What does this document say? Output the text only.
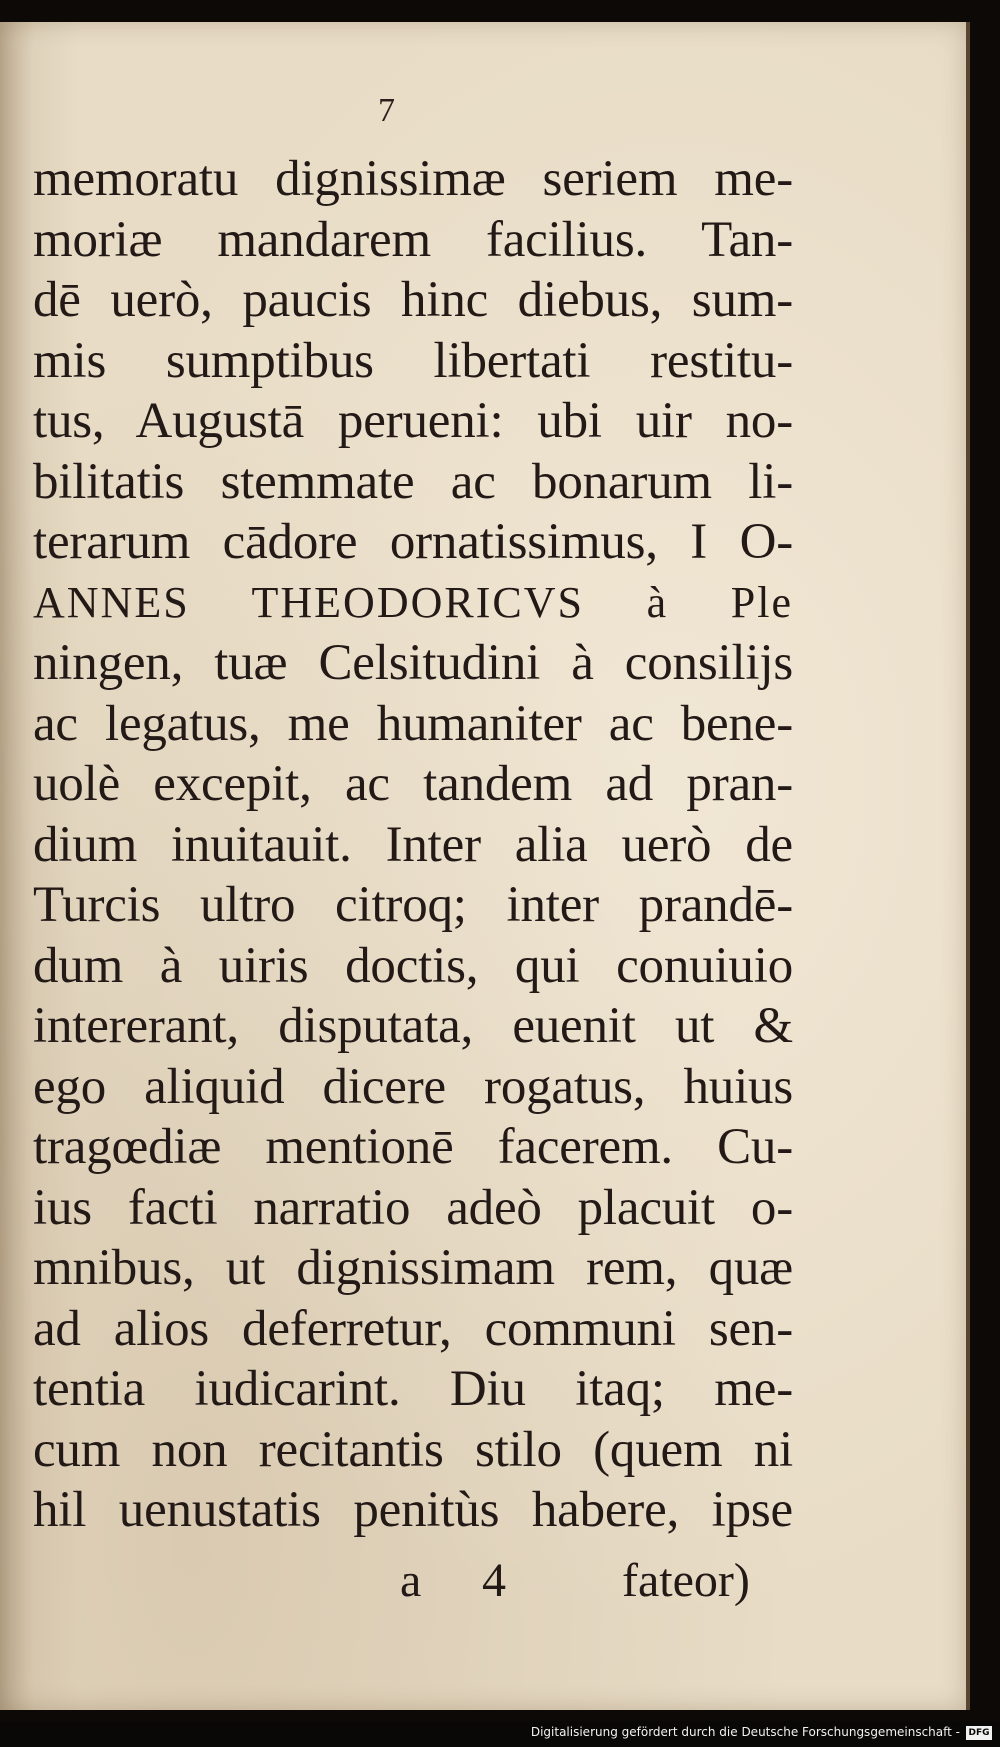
7
memoratu dignissimæ seriem me-
moriæ mandarem facilius. Tan-
dē uerò, paucis hinc diebus, sum-
mis sumptibus libertati restitu-
tus, Augustā perueni: ubi uir no-
bilitatis stemmate ac bonarum li-
terarum cādore ornatissimus, I O-
ANNES THEODORICVS à Ple
ningen, tuæ Celsitudini à consilijs
ac legatus, me humaniter ac bene-
uolè excepit, ac tandem ad pran-
dium inuitauit. Inter alia uerò de
Turcis ultro citroq; inter prandē-
dum à uiris doctis, qui conuiuio
intererant, disputata, euenit ut &
ego aliquid dicere rogatus, huius
tragœdiæ mentionē facerem. Cu-
ius facti narratio adeò placuit o-
mnibus, ut dignissimam rem, quæ
ad alios deferretur, communi sen-
tentia iudicarint. Diu itaq; me-
cum non recitantis stilo (quem ni
hil uenustatis penitùs habere, ipse
a 4 fateor)
Digitalisierung gefördert durch die Deutsche Forschungsgemeinschaft - DFG
